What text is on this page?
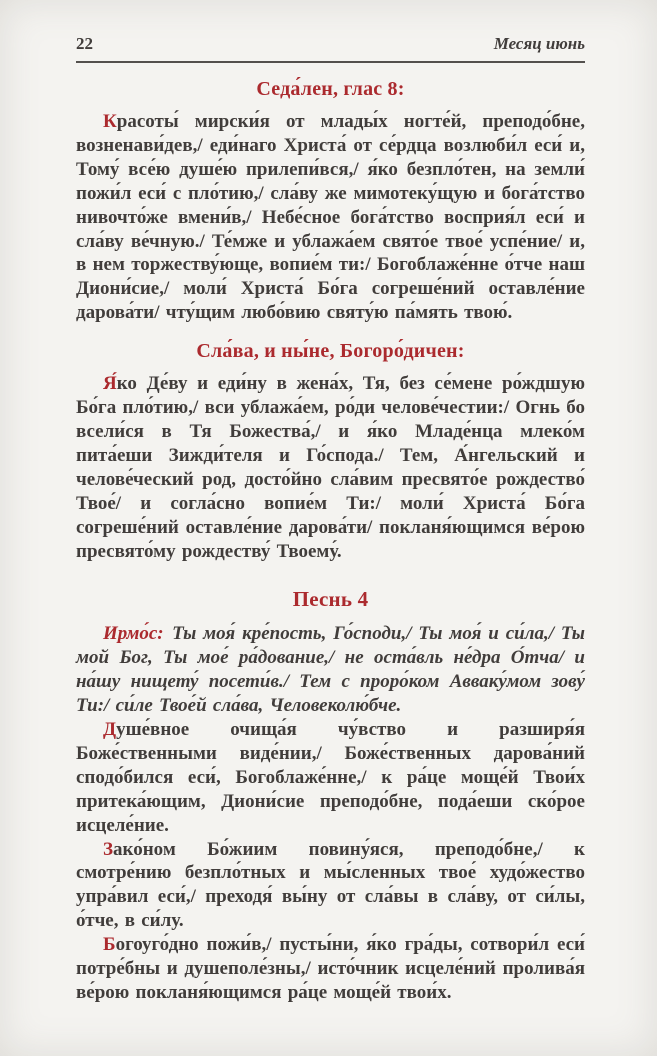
22	Месяц июнь
Седа́лен, глас 8:

Красоты́ мирски́я от млады́х ногте́й, преподо́бне, возненави́дев,/ еди́наго Христа́ от се́рдца возлюби́л еси́ и, Тому́ все́ю душе́ю прилепи́вся,/ я́ко безпло́тен, на земли́ пожи́л еси́ с пло́тию,/ сла́ву же мимотеку́щую и бога́тство нивочто́же вмени́в,/ Небе́сное бога́тство восприя́л еси́ и сла́ву ве́чную./ Те́мже и ублажа́ем свято́е твое́ успе́ние/ и, в нем торжеству́юще, вопие́м ти:/ Богоблаже́нне о́тче наш Диони́сие,/ моли́ Христа́ Бо́га согреше́ний оставле́ние дарова́ти/ чту́щим любо́вию святу́ю па́мять твою́.

Сла́ва, и ны́не, Богоро́дичен:

Я́ко Де́ву и еди́ну в жена́х, Тя, без се́мене ро́ждшую Бо́га пло́тию,/ вси ублажа́ем, ро́ди челове́честии:/ Огнь бо всели́ся в Тя Божества́,/ и я́ко Младе́нца млеко́м пита́еши Зижди́теля и Го́спода./ Тем, А́нгельский и челове́ческий род, досто́йно сла́вим пресвято́е рождество́ Твое́/ и согла́сно вопие́м Ти:/ моли́ Христа́ Бо́га согреше́ний оставле́ние дарова́ти/ покланя́ющимся ве́рою пресвято́му рождеству́ Твоему́.

Песнь 4

Ирмо́с: Ты моя́ кре́пость, Го́споди,/ Ты моя́ и си́ла,/ Ты мой Бог, Ты мое́ ра́дование,/ не оста́вль не́дра О́тча/ и на́шу нищету́ посети́в./ Тем с проро́ком Авваку́мом зову́ Ти:/ си́ле Твое́й сла́ва, Человеколю́бче.

Душе́вное очища́я чу́вство и разширя́я Боже́ственными виде́нии,/ Боже́ственных дарова́ний сподо́бился еси́, Богоблаже́нне,/ к ра́це моще́й Твои́х притека́ющим, Диони́сие преподо́бне, пода́еши ско́рое исцеле́ние.

Зако́ном Бо́жиим повину́яся, преподо́бне,/ к смотре́нию безпло́тных и мы́сленных твое́ худо́жество упра́вил еси́,/ преходя́ вы́ну от сла́вы в сла́ву, от си́лы, о́тче, в си́лу.

Богоуго́дно пожи́в,/ пусты́ни, я́ко гра́ды, сотвори́л еси́ потре́бны и душеполе́зны,/ исто́чник исцеле́ний пролива́я ве́рою покланя́ющимся ра́це моще́й твои́х.
